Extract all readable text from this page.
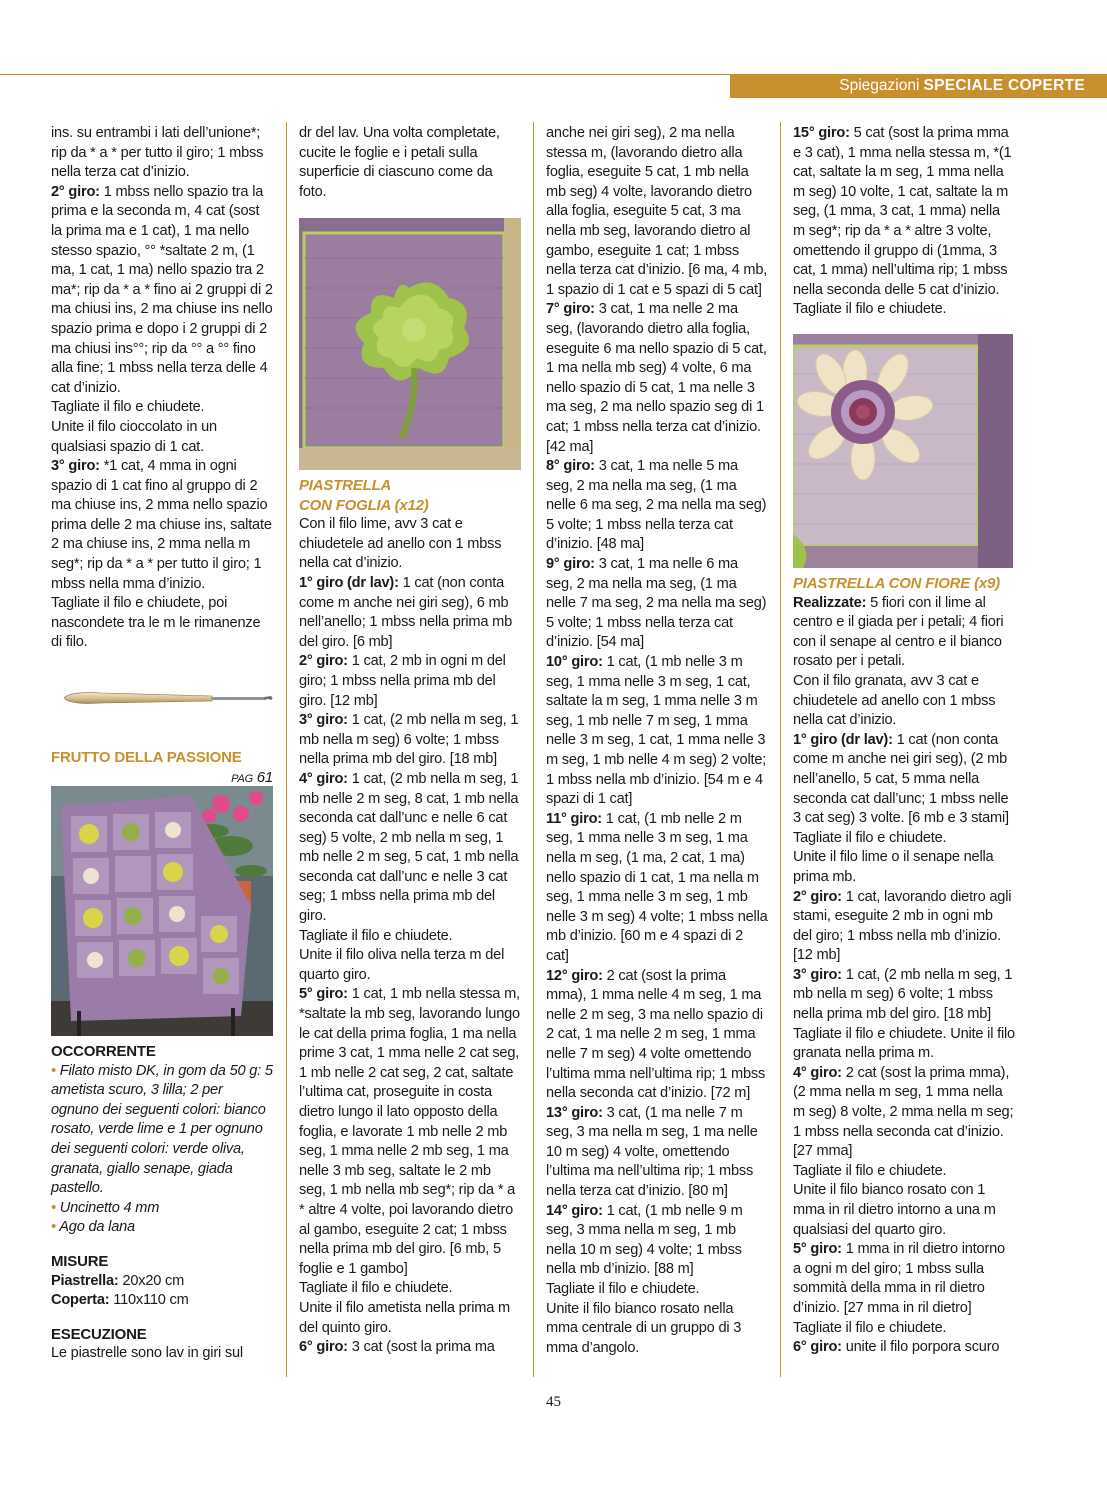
Spiegazioni SPECIALE COPERTE

ins. su entrambi i lati dell’unione*; rip da * a * per tutto il giro; 1 mbss nella terza cat d’inizio.

2° giro: 1 mbss nello spazio tra la prima e la seconda m, 4 cat (sost la prima ma e 1 cat), 1 ma nello stesso spazio, °° *saltate 2 m, (1 ma, 1 cat, 1 ma) nello spazio tra 2 ma*; rip da * a * fino ai 2 gruppi di 2 ma chiusi ins, 2 ma chiuse ins nello spazio prima e dopo i 2 gruppi di 2 ma chiusi ins°°; rip da °° a °° fino alla fine; 1 mbss nella terza delle 4 cat d’inizio.

Tagliate il filo e chiudete.

Unite il filo cioccolato in un qualsiasi spazio di 1 cat.

3° giro: *1 cat, 4 mma in ogni spazio di 1 cat fino al gruppo di 2 ma chiuse ins, 2 mma nello spazio prima delle 2 ma chiuse ins, saltate 2 ma chiuse ins, 2 mma nella m seg*; rip da * a * per tutto il giro; 1 mbss nella mma d’inizio.

Tagliate il filo e chiudete, poi nascondete tra le m le rimanenze di filo.

FRUTTO DELLA PASSIONE

PAG 61

OCCORRENTE

• Filato misto DK, in gom da 50 g: 5 ametista scuro, 3 lilla; 2 per ognuno dei seguenti colori: bianco rosato, verde lime e 1 per ognuno dei seguenti colori: verde oliva, granata, giallo senape, giada pastello.

• Uncinetto 4 mm

• Ago da lana

MISURE

Piastrella: 20x20 cm

Coperta: 110x110 cm

ESECUZIONE

Le piastrelle sono lav in giri sul

dr del lav. Una volta completate, cucite le foglie e i petali sulla superficie di ciascuno come da foto.

PIASTRELLA

CON FOGLIA (x12)

Con il filo lime, avv 3 cat e chiudetele ad anello con 1 mbss nella cat d’inizio.

1° giro (dr lav): 1 cat (non conta come m anche nei giri seg), 6 mb nell’anello; 1 mbss nella prima mb del giro. [6 mb]

2° giro: 1 cat, 2 mb in ogni m del giro; 1 mbss nella prima mb del giro. [12 mb]

3° giro: 1 cat, (2 mb nella m seg, 1 mb nella m seg) 6 volte; 1 mbss nella prima mb del giro. [18 mb]

4° giro: 1 cat, (2 mb nella m seg, 1 mb nelle 2 m seg, 8 cat, 1 mb nella seconda cat dall’unc e nelle 6 cat seg) 5 volte, 2 mb nella m seg, 1 mb nelle 2 m seg, 5 cat, 1 mb nella seconda cat dall’unc e nelle 3 cat seg; 1 mbss nella prima mb del giro.

Tagliate il filo e chiudete.

Unite il filo oliva nella terza m del quarto giro.

5° giro: 1 cat, 1 mb nella stessa m, *saltate la mb seg, lavorando lungo le cat della prima foglia, 1 ma nella prime 3 cat, 1 mma nelle 2 cat seg, 1 mb nelle 2 cat seg, 2 cat, saltate l’ultima cat, proseguite in costa dietro lungo il lato opposto della foglia, e lavorate 1 mb nelle 2 mb seg, 1 mma nelle 2 mb seg, 1 ma nelle 3 mb seg, saltate le 2 mb seg, 1 mb nella mb seg*; rip da * a * altre 4 volte, poi lavorando dietro al gambo, eseguite 2 cat; 1 mbss nella prima mb del giro. [6 mb, 5 foglie e 1 gambo]

Tagliate il filo e chiudete.

Unite il filo ametista nella prima m del quinto giro.

6° giro: 3 cat (sost la prima ma

anche nei giri seg), 2 ma nella stessa m, (lavorando dietro alla foglia, eseguite 5 cat, 1 mb nella mb seg) 4 volte, lavorando dietro alla foglia, eseguite 5 cat, 3 ma nella mb seg, lavorando dietro al gambo, eseguite 1 cat; 1 mbss nella terza cat d’inizio. [6 ma, 4 mb, 1 spazio di 1 cat e 5 spazi di 5 cat]

7° giro: 3 cat, 1 ma nelle 2 ma seg, (lavorando dietro alla foglia, eseguite 6 ma nello spazio di 5 cat, 1 ma nella mb seg) 4 volte, 6 ma nello spazio di 5 cat, 1 ma nelle 3 ma seg, 2 ma nello spazio seg di 1 cat; 1 mbss nella terza cat d’inizio. [42 ma]

8° giro: 3 cat, 1 ma nelle 5 ma seg, 2 ma nella ma seg, (1 ma nelle 6 ma seg, 2 ma nella ma seg) 5 volte; 1 mbss nella terza cat d’inizio. [48 ma]

9° giro: 3 cat, 1 ma nelle 6 ma seg, 2 ma nella ma seg, (1 ma nelle 7 ma seg, 2 ma nella ma seg) 5 volte; 1 mbss nella terza cat d’inizio. [54 ma]

10° giro: 1 cat, (1 mb nelle 3 m seg, 1 mma nelle 3 m seg, 1 cat, saltate la m seg, 1 mma nelle 3 m seg, 1 mb nelle 7 m seg, 1 mma nelle 3 m seg, 1 cat, 1 mma nelle 3 m seg, 1 mb nelle 4 m seg) 2 volte; 1 mbss nella mb d’inizio. [54 m e 4 spazi di 1 cat]

11° giro: 1 cat, (1 mb nelle 2 m seg, 1 mma nelle 3 m seg, 1 ma nella m seg, (1 ma, 2 cat, 1 ma) nello spazio di 1 cat, 1 ma nella m seg, 1 mma nelle 3 m seg, 1 mb nelle 3 m seg) 4 volte; 1 mbss nella mb d’inizio. [60 m e 4 spazi di 2 cat]

12° giro: 2 cat (sost la prima mma), 1 mma nelle 4 m seg, 1 ma nelle 2 m seg, 3 ma nello spazio di 2 cat, 1 ma nelle 2 m seg, 1 mma nelle 7 m seg) 4 volte omettendo l’ultima mma nell’ultima rip; 1 mbss nella seconda cat d’inizio. [72 m]

13° giro: 3 cat, (1 ma nelle 7 m seg, 3 ma nella m seg, 1 ma nelle 10 m seg) 4 volte, omettendo l’ultima ma nell’ultima rip; 1 mbss nella terza cat d’inizio. [80 m]

14° giro: 1 cat, (1 mb nelle 9 m seg, 3 mma nella m seg, 1 mb nella 10 m seg) 4 volte; 1 mbss nella mb d’inizio. [88 m]

Tagliate il filo e chiudete.

Unite il filo bianco rosato nella mma centrale di un gruppo di 3 mma d’angolo.

15° giro: 5 cat (sost la prima mma e 3 cat), 1 mma nella stessa m, *(1 cat, saltate la m seg, 1 mma nella m seg) 10 volte, 1 cat, saltate la m seg, (1 mma, 3 cat, 1 mma) nella m seg*; rip da * a * altre 3 volte, omettendo il gruppo di (1mma, 3 cat, 1 mma) nell’ultima rip; 1 mbss nella seconda delle 5 cat d’inizio.

Tagliate il filo e chiudete.

PIASTRELLA CON FIORE (x9)

Realizzate: 5 fiori con il lime al centro e il giada per i petali; 4 fiori con il senape al centro e il bianco rosato per i petali.

Con il filo granata, avv 3 cat e chiudetele ad anello con 1 mbss nella cat d’inizio.

1° giro (dr lav): 1 cat (non conta come m anche nei giri seg), (2 mb nell’anello, 5 cat, 5 mma nella seconda cat dall’unc; 1 mbss nelle 3 cat seg) 3 volte. [6 mb e 3 stami]

Tagliate il filo e chiudete.

Unite il filo lime o il senape nella prima mb.

2° giro: 1 cat, lavorando dietro agli stami, eseguite 2 mb in ogni mb del giro; 1 mbss nella mb d’inizio. [12 mb]

3° giro: 1 cat, (2 mb nella m seg, 1 mb nella m seg) 6 volte; 1 mbss nella prima mb del giro. [18 mb]

Tagliate il filo e chiudete. Unite il filo granata nella prima m.

4° giro: 2 cat (sost la prima mma), (2 mma nella m seg, 1 mma nella m seg) 8 volte, 2 mma nella m seg; 1 mbss nella seconda cat d’inizio. [27 mma]

Tagliate il filo e chiudete.

Unite il filo bianco rosato con 1 mma in ril dietro intorno a una m qualsiasi del quarto giro.

5° giro: 1 mma in ril dietro intorno a ogni m del giro; 1 mbss sulla sommità della mma in ril dietro d’inizio. [27 mma in ril dietro]

Tagliate il filo e chiudete.

6° giro: unite il filo porpora scuro

45
